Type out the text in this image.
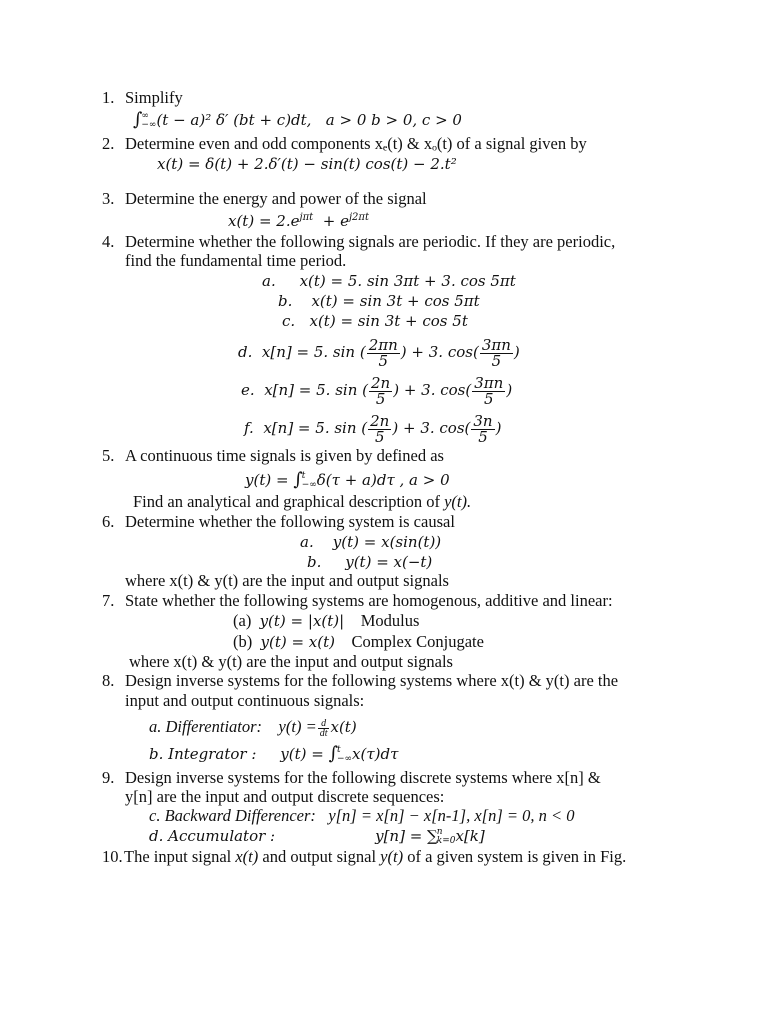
1. Simplify
∫ ∞
−∞ (t − a)² δ′ (bt + c)dt, a > 0 b > 0, c > 0
2. Determine even and odd components xₑ(t) & xₒ(t) of a signal given by
x(t) = δ(t) + 2.δ′(t) − sin(t) cos(t) − 2.t²
3. Determine the energy and power of the signal
$x(t) = 2.e^{j\pi t} + e^{j2\pi t}$
4. Determine whether the following signals are periodic. If they are periodic,
find the fundamental time period.
a. x(t) = 5. sin 3πt + 3. cos 5πt
b. x(t) = sin 3t + cos 5πt
c. x(t) = sin 3t + cos 5t
d. x[n] = 5. sin ( $\frac{2\pi n}{5}$ ) + 3. $\cos( \frac{3\pi n}{5}$ )
e. x[n] = 5. sin ( $\frac{2n}{5}$ ) + 3. $\cos( \frac{3\pi n}{5}$ )
f. x[n] = 5. sin ( $\frac{2n}{5}$ ) + 3. $\cos( \frac{3n}{5}$ )
5. A continuous time signals is given by defined as
y(t) = ∫ t
−∞ δ(τ + a)dτ , a > 0
Find an analytical and graphical description of y(t).
6. Determine whether the following system is causal
a. y(t) = x(sin(t))
b. y(t) = x(−t)
where x(t) & y(t) are the input and output signals
7. State whether the following systems are homogenous, additive and linear:
(a) y(t) = |x(t)| Modulus
(b) y(t) = x(t) Complex Conjugate
where x(t) & y(t) are the input and output signals
8. Design inverse systems for the following systems where x(t) & y(t) are the
input and output continuous signals:
a. Differentiator: $y(t) = \frac{d}{dt} x(t)$
b. Integrator : y(t) = ∫ t
−∞ x(τ)dτ
9. Design inverse systems for the following discrete systems where x[n] &
y[n] are the input and output discrete sequences:
c. Backward Differencer: y[n] = x[n] − x[n-1], x[n] = 0, n < 0
d. Accumulator :	y[n] = ∑ n
k=0 x[k]
10. The input signal x(t) and output signal y(t) of a given system is given in Fig.
